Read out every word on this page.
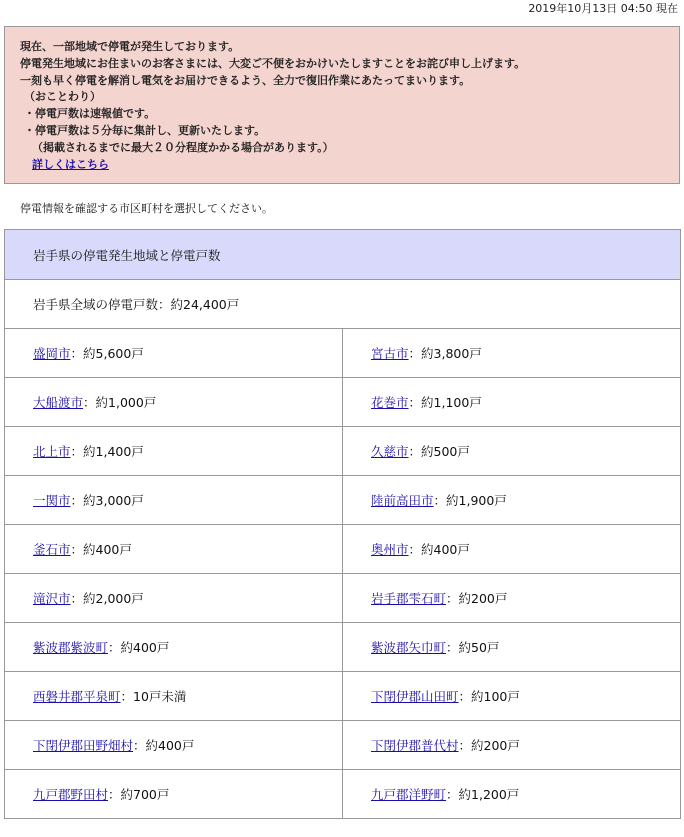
2019年10月13日 04:50 現在
現在、一部地域で停電が発生しております。
停電発生地域にお住まいのお客さまには、大変ご不便をおかけいたしますことをお詫び申し上げます。
一刻も早く停電を解消し電気をお届けできるよう、全力で復旧作業にあたってまいります。
（おことわり）
・停電戸数は速報値です。
・停電戸数は５分毎に集計し、更新いたします。
（掲載されるまでに最大２０分程度かかる場合があります。）
詳しくはこちら
停電情報を確認する市区町村を選択してください。
岩手県の停電発生地域と停電戸数	
岩手県全域の停電戸数：約24,400戸	
盛岡市：約5,600戸	宮古市：約3,800戸
大船渡市：約1,000戸	花巻市：約1,100戸
北上市：約1,400戸	久慈市：約500戸
一関市：約3,000戸	陸前高田市：約1,900戸
釜石市：約400戸	奥州市：約400戸
滝沢市：約2,000戸	岩手郡雫石町：約200戸
紫波郡紫波町：約400戸	紫波郡矢巾町：約50戸
西磐井郡平泉町：10戸未満	下閉伊郡山田町：約100戸
下閉伊郡田野畑村：約400戸	下閉伊郡普代村：約200戸
九戸郡野田村：約700戸	九戸郡洋野町：約1,200戸
